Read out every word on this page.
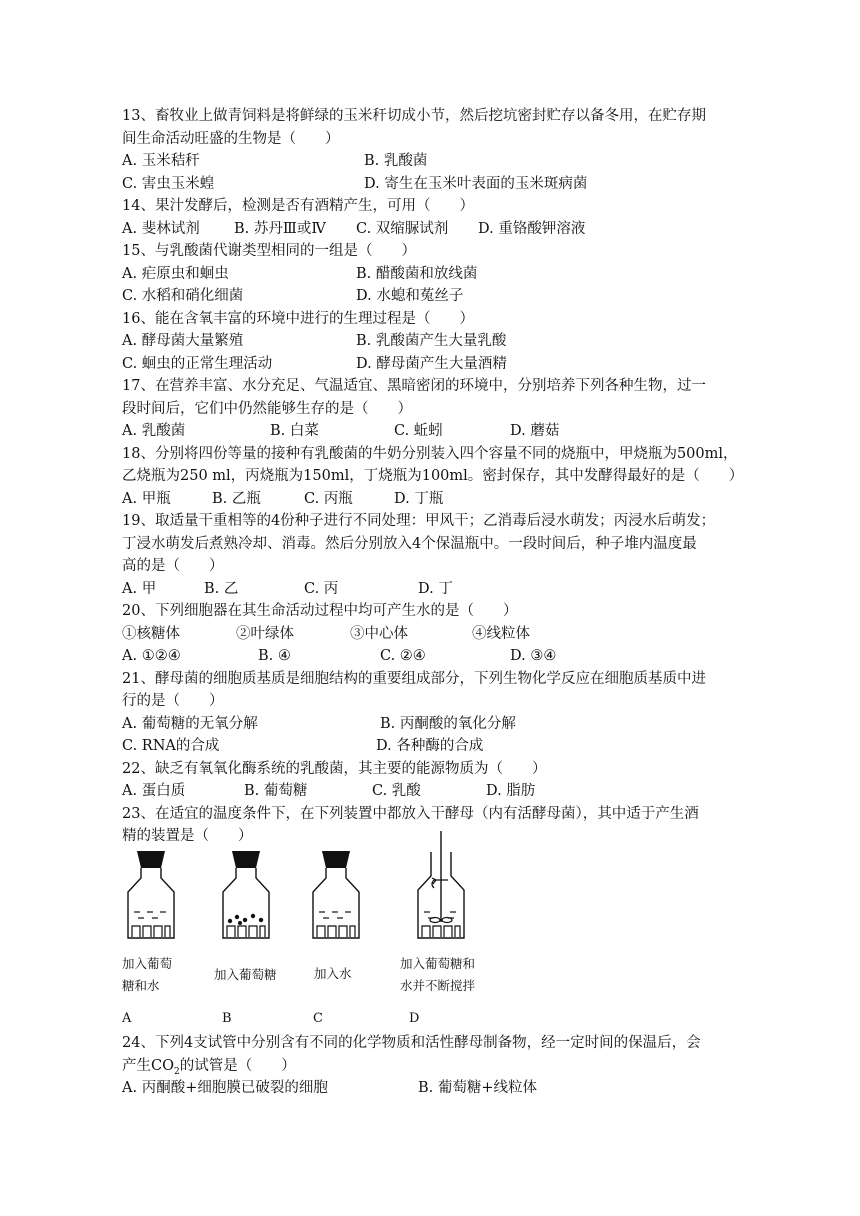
13、畜牧业上做青饲料是将鲜绿的玉米秆切成小节，然后挖坑密封贮存以备冬用，在贮存期
间生命活动旺盛的生物是（　　）
A. 玉米秸秆	B. 乳酸菌
C. 害虫玉米蝗	D. 寄生在玉米叶表面的玉米斑病菌
14、果汁发酵后，检测是否有酒精产生，可用（　　）
A. 斐林试剂 B. 苏丹Ⅲ或Ⅳ C. 双缩脲试剂 D. 重铬酸钾溶液
15、与乳酸菌代谢类型相同的一组是（　　）
A. 疟原虫和蛔虫	B. 醋酸菌和放线菌
C. 水稻和硝化细菌	D. 水螅和菟丝子
16、能在含氧丰富的环境中进行的生理过程是（　　）
A. 酵母菌大量繁殖	B. 乳酸菌产生大量乳酸
C. 蛔虫的正常生理活动	D. 酵母菌产生大量酒精
17、在营养丰富、水分充足、气温适宜、黑暗密闭的环境中，分别培养下列各种生物，过一
段时间后，它们中仍然能够生存的是（　　）
A. 乳酸菌	B. 白菜	C. 蚯蚓	D. 蘑菇
18、分别将四份等量的接种有乳酸菌的牛奶分别装入四个容量不同的烧瓶中，甲烧瓶为500ml，
乙烧瓶为250 ml，丙烧瓶为150ml，丁烧瓶为100ml。密封保存，其中发酵得最好的是（　　）
A. 甲瓶	B. 乙瓶	C. 丙瓶	D. 丁瓶
19、取适量干重相等的4份种子进行不同处理：甲风干；乙消毒后浸水萌发；丙浸水后萌发；
丁浸水萌发后煮熟冷却、消毒。然后分别放入4个保温瓶中。一段时间后，种子堆内温度最
高的是（　　）
A. 甲	B. 乙	C. 丙	D. 丁
20、下列细胞器在其生命活动过程中均可产生水的是（　　）
①核糖体	②叶绿体	③中心体	④线粒体
A. ①②④	B. ④	C. ②④	D. ③④
21、酵母菌的细胞质基质是细胞结构的重要组成部分，下列生物化学反应在细胞质基质中进
行的是（　　）
A. 葡萄糖的无氧分解	B. 丙酮酸的氧化分解
C. RNA的合成	D. 各种酶的合成
22、缺乏有氧氧化酶系统的乳酸菌，其主要的能源物质为（　　）
A. 蛋白质	B. 葡萄糖	C. 乳酸	D. 脂肪
23、在适宜的温度条件下，在下列装置中都放入干酵母（内有活酵母菌），其中适于产生酒
精的装置是（　　）
加入葡萄
糖和水
加入葡萄糖	加入水
加入葡萄糖和
水并不断搅拌
A	B	C	D
24、下列4支试管中分别含有不同的化学物质和活性酵母制备物，经一定时间的保温后，会
产生$CO_2$的试管是（　　）
A. 丙酮酸+细胞膜已破裂的细胞	B. 葡萄糖+线粒体
